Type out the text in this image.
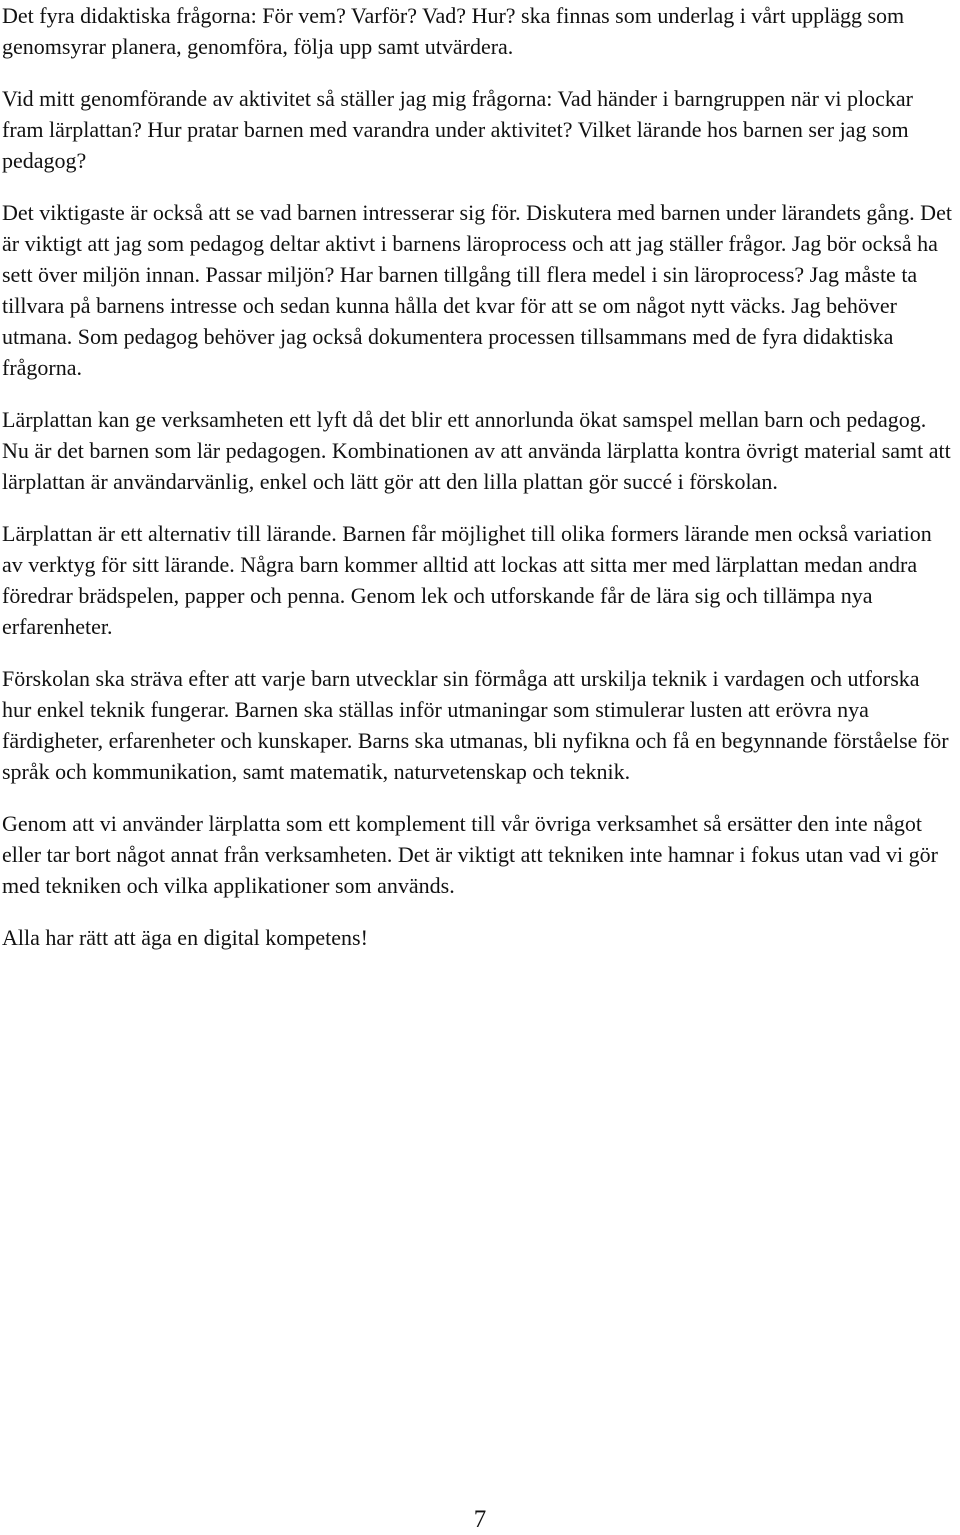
Det fyra didaktiska frågorna: För vem? Varför? Vad? Hur? ska finnas som underlag i vårt upplägg som genomsyrar planera, genomföra, följa upp samt utvärdera.

Vid mitt genomförande av aktivitet så ställer jag mig frågorna: Vad händer i barngruppen när vi plockar fram lärplattan? Hur pratar barnen med varandra under aktivitet? Vilket lärande hos barnen ser jag som pedagog?

Det viktigaste är också att se vad barnen intresserar sig för. Diskutera med barnen under lärandets gång. Det är viktigt att jag som pedagog deltar aktivt i barnens läroprocess och att jag ställer frågor. Jag bör också ha sett över miljön innan. Passar miljön? Har barnen tillgång till flera medel i sin läroprocess? Jag måste ta tillvara på barnens intresse och sedan kunna hålla det kvar för att se om något nytt väcks. Jag behöver utmana. Som pedagog behöver jag också dokumentera processen tillsammans med de fyra didaktiska frågorna.

Lärplattan kan ge verksamheten ett lyft då det blir ett annorlunda ökat samspel mellan barn och pedagog. Nu är det barnen som lär pedagogen. Kombinationen av att använda lärplatta kontra övrigt material samt att lärplattan är användarvänlig, enkel och lätt gör att den lilla plattan gör succé i förskolan.

Lärplattan är ett alternativ till lärande. Barnen får möjlighet till olika formers lärande men också variation av verktyg för sitt lärande. Några barn kommer alltid att lockas att sitta mer med lärplattan medan andra föredrar brädspelen, papper och penna. Genom lek och utforskande får de lära sig och tillämpa nya erfarenheter.

Förskolan ska sträva efter att varje barn utvecklar sin förmåga att urskilja teknik i vardagen och utforska hur enkel teknik fungerar. Barnen ska ställas inför utmaningar som stimulerar lusten att erövra nya färdigheter, erfarenheter och kunskaper. Barns ska utmanas, bli nyfikna och få en begynnande förståelse för språk och kommunikation, samt matematik, naturvetenskap och teknik.

Genom att vi använder lärplatta som ett komplement till vår övriga verksamhet så ersätter den inte något eller tar bort något annat från verksamheten. Det är viktigt att tekniken inte hamnar i fokus utan vad vi gör med tekniken och vilka applikationer som används.

Alla har rätt att äga en digital kompetens!

7
